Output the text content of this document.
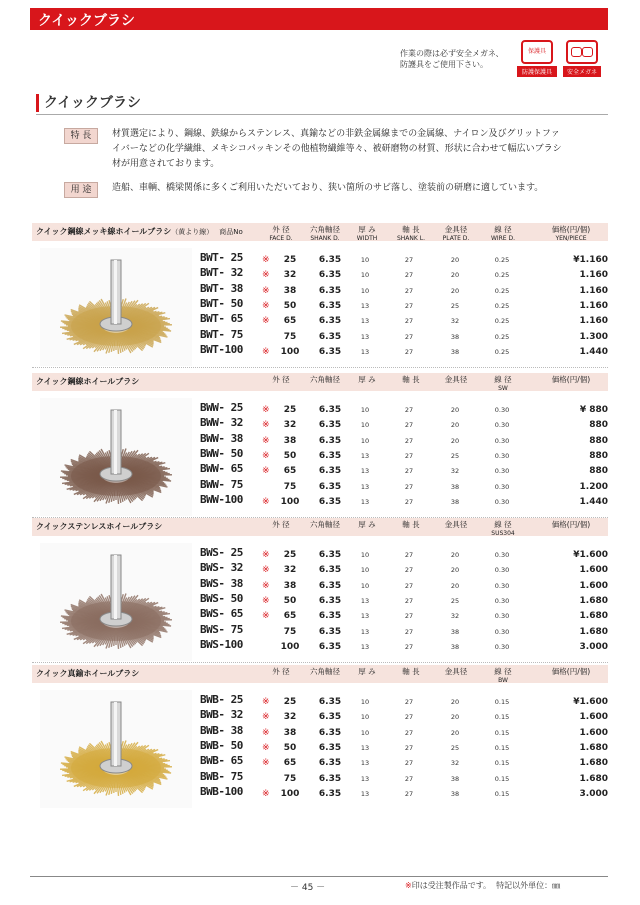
クイックブラシ
作業の際は必ず安全メガネ、
防護具をご使用下さい。
保護具
防護保護具	安全メガネ
クイックブラシ
特 長	材質選定により、鋼線、鉄線からステンレス、真鍮などの非鉄金属線までの金属線、ナイロン及びグリットファ
イバーなどの化学繊維、メキシコパッキンその他植物繊維等々、被研磨物の材質、形状に合わせて幅広いブラシ
材が用意されております。
用 途	造船、車輌、橋梁関係に多くご利用いただいており、狭い箇所のサビ落し、塗装前の研磨に適しています。
クイック鋼線メッキ線ホイールブラシ（黄より線） 商品No	外 径
FACE D.
六角軸径
SHANK D.
厚 み
WIDTH
軸 長
SHANK L.
金具径
PLATE D.
線 径
WIRE D.
価格(円/個)
YEN/PIECE
BWT- 25	※	25	6.35	10	27	20	0.25	¥1.160
BWT- 32	※	32	6.35	10	27	20	0.25	1.160
BWT- 38	※	38	6.35	10	27	20	0.25	1.160
BWT- 50	※	50	6.35	13	27	25	0.25	1.160
BWT- 65	※	65	6.35	13	27	32	0.25	1.160
BWT- 75	75	6.35	13	27	38	0.25	1.300
BWT-100	※	100	6.35	13	27	38	0.25	1.440
クイック鋼線ホイールブラシ	外 径	六角軸径	厚 み	軸 長	金具径	線 径
SW
価格(円/個)
BWW- 25	※	25	6.35	10	27	20	0.30	¥ 880
BWW- 32	※	32	6.35	10	27	20	0.30	880
BWW- 38	※	38	6.35	10	27	20	0.30	880
BWW- 50	※	50	6.35	13	27	25	0.30	880
BWW- 65	※	65	6.35	13	27	32	0.30	880
BWW- 75	75	6.35	13	27	38	0.30	1.200
BWW-100	※	100	6.35	13	27	38	0.30	1.440
クイックステンレスホイールブラシ	外 径	六角軸径	厚 み	軸 長	金具径	線 径
SUS304
価格(円/個)
BWS- 25	※	25	6.35	10	27	20	0.30	¥1.600
BWS- 32	※	32	6.35	10	27	20	0.30	1.600
BWS- 38	※	38	6.35	10	27	20	0.30	1.600
BWS- 50	※	50	6.35	13	27	25	0.30	1.680
BWS- 65	※	65	6.35	13	27	32	0.30	1.680
BWS- 75	75	6.35	13	27	38	0.30	1.680
BWS-100	100	6.35	13	27	38	0.30	3.000
クイック真鍮ホイールブラシ	外 径	六角軸径	厚 み	軸 長	金具径	線 径
BW
価格(円/個)
BWB- 25	※	25	6.35	10	27	20	0.15	¥1.600
BWB- 32	※	32	6.35	10	27	20	0.15	1.600
BWB- 38	※	38	6.35	10	27	20	0.15	1.600
BWB- 50	※	50	6.35	13	27	25	0.15	1.680
BWB- 65	※	65	6.35	13	27	32	0.15	1.680
BWB- 75	75	6.35	13	27	38	0.15	1.680
BWB-100	※	100	6.35	13	27	38	0.15	3.000
－ 45 －	※印は受注製作品です。 特記以外単位：㎜
